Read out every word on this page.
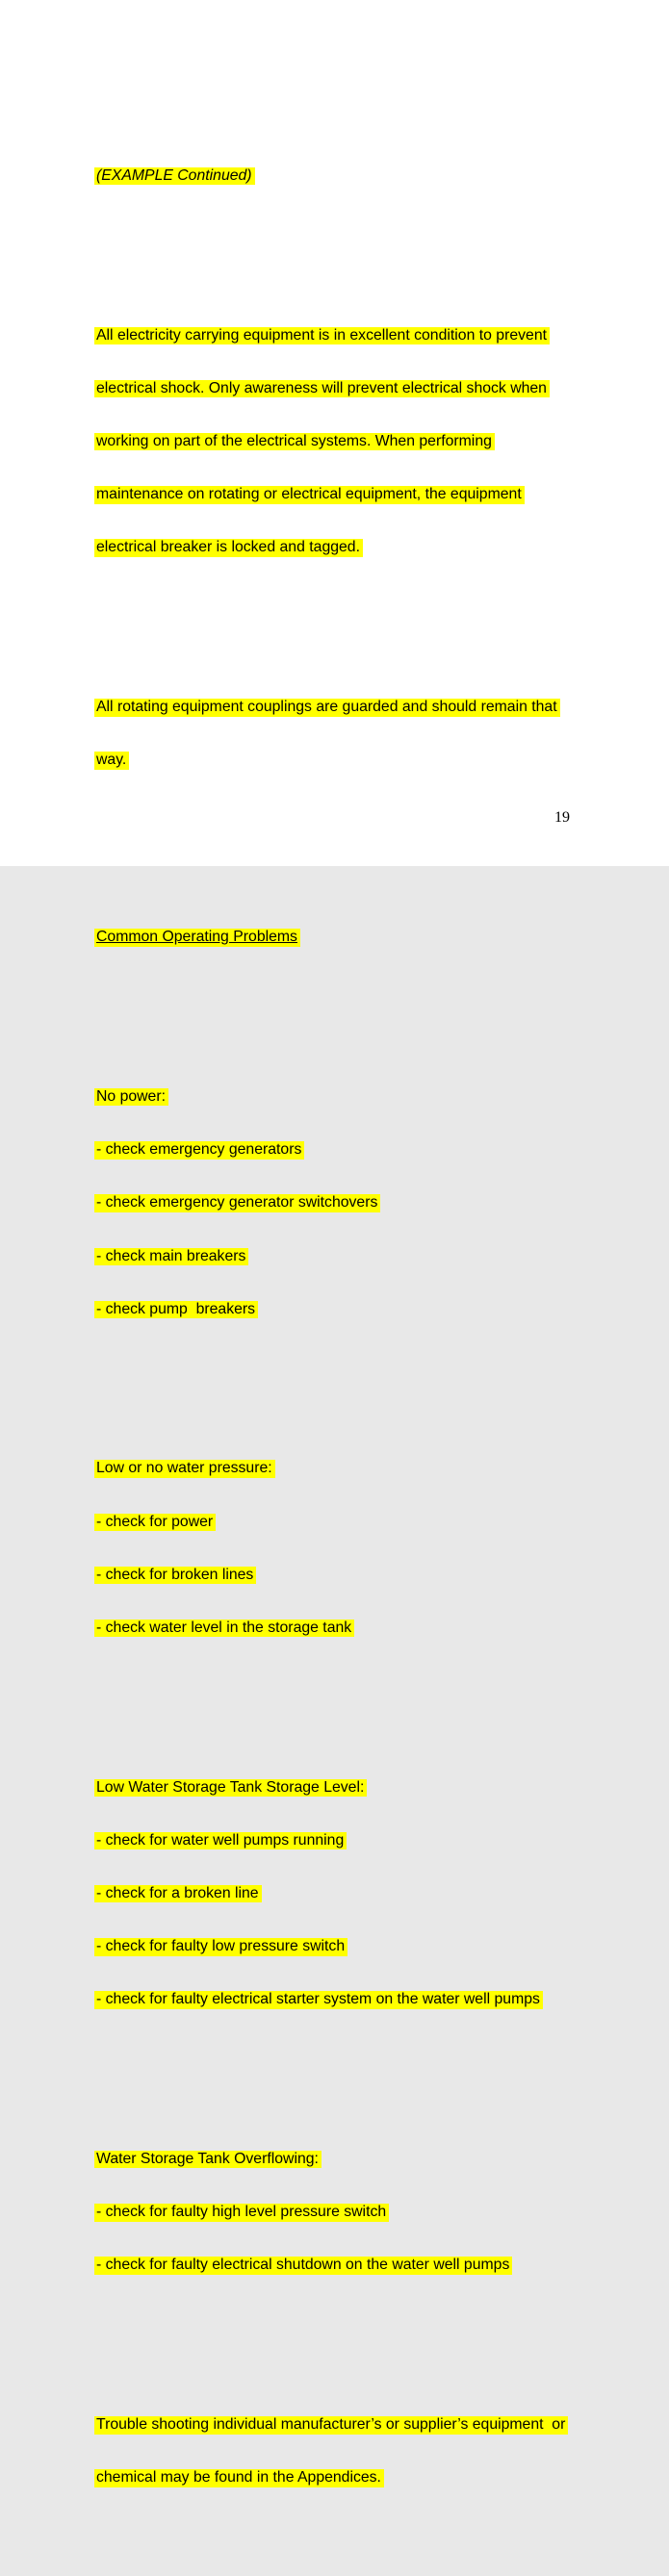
(EXAMPLE Continued)

All electricity carrying equipment is in excellent condition to prevent

electrical shock. Only awareness will prevent electrical shock when

working on part of the electrical systems. When performing

maintenance on rotating or electrical equipment, the equipment

electrical breaker is locked and tagged.

All rotating equipment couplings are guarded and should remain that

way.

Common Operating Problems

No power:

- check emergency generators

- check emergency generator switchovers

- check main breakers

- check pump  breakers

Low or no water pressure:

- check for power

- check for broken lines

- check water level in the storage tank

Low Water Storage Tank Storage Level:

- check for water well pumps running

- check for a broken line

- check for faulty low pressure switch

- check for faulty electrical starter system on the water well pumps

Water Storage Tank Overflowing:

- check for faulty high level pressure switch

- check for faulty electrical shutdown on the water well pumps

Trouble shooting individual manufacturer’s or supplier’s equipment  or

chemical may be found in the Appendices.

19
